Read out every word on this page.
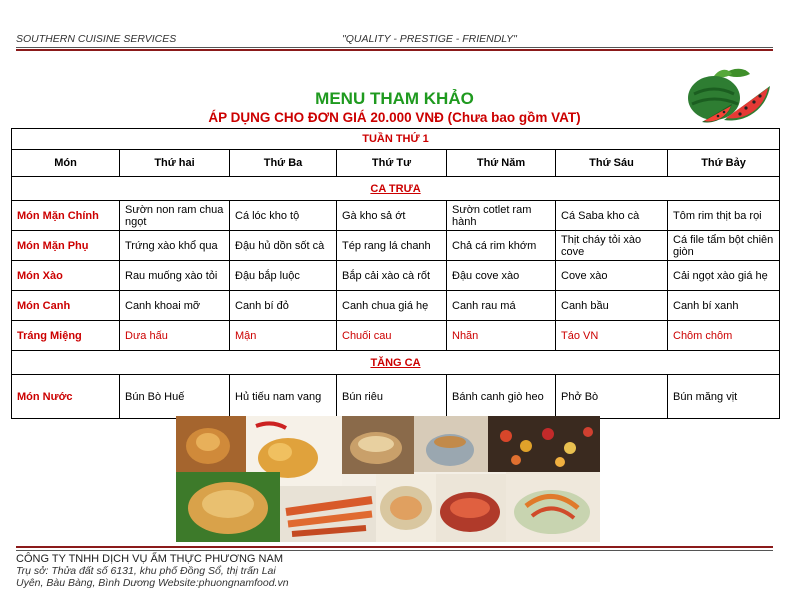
SOUTHERN CUISINE SERVICES	"QUALITY - PRESTIGE - FRIENDLY"
MENU THAM KHẢO
ÁP DỤNG CHO ĐƠN GIÁ 20.000 VNĐ (Chưa bao gồm VAT)
TUẦN THỨ 1						
Món	Thứ hai	Thứ Ba	Thứ Tư	Thứ Năm	Thứ Sáu	Thứ Bảy
CA TRƯA						
Món Mặn Chính	Sườn non ram chua ngọt	Cá lóc kho tộ	Gà kho sả ớt	Sườn cotlet ram hành	Cá Saba kho cà	Tôm rim thịt ba rọi
Món Mặn Phụ	Trứng xào khổ qua	Đậu hủ dồn sốt cà	Tép rang lá chanh	Chả cá rim khớm	Thịt cháy tỏi xào cove	Cá file tẩm bột chiên giòn
Món Xào	Rau muống xào tỏi	Đậu bắp luộc	Bắp cải xào cà rốt	Đậu cove xào	Cove xào	Cải ngọt xào giá hẹ
Món Canh	Canh khoai mỡ	Canh bí đỏ	Canh chua giá hẹ	Canh rau má	Canh bầu	Canh bí xanh
Tráng Miệng	Dưa hấu	Mận	Chuối cau	Nhãn	Táo VN	Chôm chôm
TĂNG CA						
Món Nước	Bún Bò Huế	Hủ tiếu nam vang	Bún riêu	Bánh canh giò heo	Phở Bò	Bún măng vịt
CÔNG TY TNHH DỊCH VỤ ẨM THỰC PHƯƠNG NAM
Trụ sở: Thửa đất số 6131, khu phố Đồng Sổ, thị trấn Lai
Uyên, Bàu Bàng, Bình Dương Website:phuongnamfood.vn
